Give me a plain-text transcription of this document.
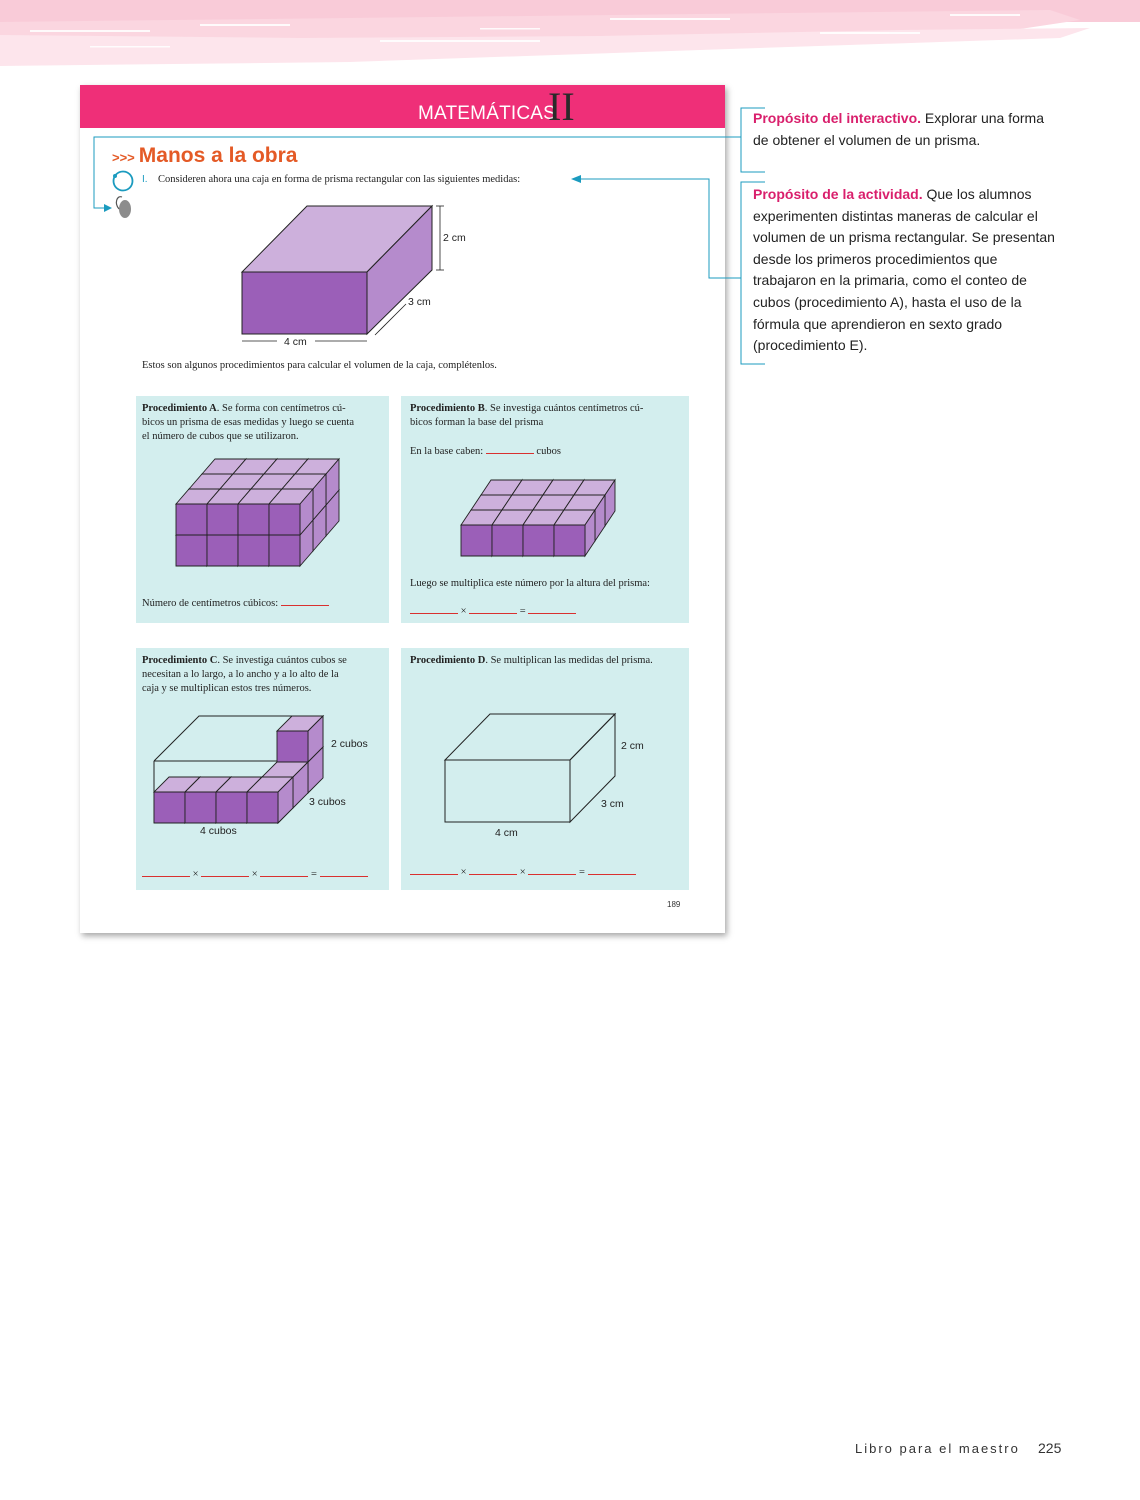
MATEMÁTICAS
II
>>> Manos a la obra
I. Consideren ahora una caja en forma de prisma rectangular con las siguientes medidas:
2 cm
3 cm
4 cm
Estos son algunos procedimientos para calcular el volumen de la caja, complétenlos.

Procedimiento A. Se forma con centímetros cú-
bicos un prisma de esas medidas y luego se cuenta
el número de cubos que se utilizaron.

Número de centímetros cúbicos:

Procedimiento B. Se investiga cuántos centímetros cú-
bicos forman la base del prisma

En la base caben:	cubos

Luego se multiplica este número por la altura del prisma:

×	=

Procedimiento C. Se investiga cuántos cubos se
necesitan a lo largo, a lo ancho y a lo alto de la
caja y se multiplican estos tres números.

2 cubos
3 cubos
4 cubos

×	×	=

Procedimiento D. Se multiplican las medidas del prisma.

2 cm
3 cm
4 cm

×	×	=

189
Propósito del interactivo. Explorar una forma
de obtener el volumen de un prisma.
Propósito de la actividad. Que los alumnos
experimenten distintas maneras de calcular el
volumen de un prisma rectangular. Se presentan
desde los primeros procedimientos que
trabajaron en la primaria, como el conteo de
cubos (procedimiento A), hasta el uso de la
fórmula que aprendieron en sexto grado
(procedimiento E).
Libro para el maestro 225
